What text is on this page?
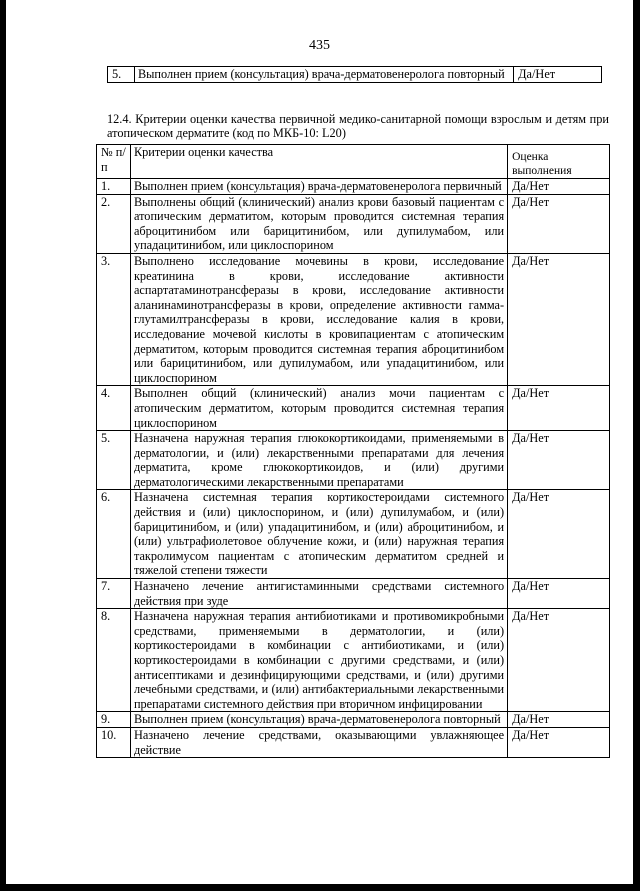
435
5.	Выполнен прием (консультация) врача-дерматовенеролога повторный	Да/Нет
12.4. Критерии оценки качества первичной медико-санитарной помощи взрослым и детям при атопическом дерматите (код по МКБ-10: L20)
№ п/п	Критерии оценки качества	Оценка выполнения
1.	Выполнен прием (консультация) врача-дерматовенеролога первичный	Да/Нет
2.	Выполнены общий (клинический) анализ крови базовый пациентам с атопическим дерматитом, которым проводится системная терапия аброцитинибом или барицитинибом, или дупилумабом, или упадацитинибом, или циклоспорином	Да/Нет
3.	Выполнено исследование мочевины в крови, исследование креатинина в крови, исследование активности аспартатаминотрансферазы в крови, исследование активности аланинаминотрансферазы в крови, определение активности гамма-глутамилтрансферазы в крови, исследование калия в крови, исследование мочевой кислоты в кровипациентам с атопическим дерматитом, которым проводится системная терапия аброцитинибом или барицитинибом, или дупилумабом, или упадацитинибом, или циклоспорином	Да/Нет
4.	Выполнен общий (клинический) анализ мочи пациентам с атопическим дерматитом, которым проводится системная терапия циклоспорином	Да/Нет
5.	Назначена наружная терапия глюкокортикоидами, применяемыми в дерматологии, и (или) лекарственными препаратами для лечения дерматита, кроме глюкокортикоидов, и (или) другими дерматологическими лекарственными препаратами	Да/Нет
6.	Назначена системная терапия кортикостероидами системного действия и (или) циклоспорином, и (или) дупилумабом, и (или) барицитинибом, и (или) упадацитинибом, и (или) аброцитинибом, и (или) ультрафиолетовое облучение кожи, и (или) наружная терапия такролимусом пациентам с атопическим дерматитом средней и тяжелой степени тяжести	Да/Нет
7.	Назначено лечение антигистаминными средствами системного действия при зуде	Да/Нет
8.	Назначена наружная терапия антибиотиками и противомикробными средствами, применяемыми в дерматологии, и (или) кортикостероидами в комбинации с антибиотиками, и (или) кортикостероидами в комбинации с другими средствами, и (или) антисептиками и дезинфицирующими средствами, и (или) другими лечебными средствами, и (или) антибактериальными лекарственными препаратами системного действия при вторичном инфицировании	Да/Нет
9.	Выполнен прием (консультация) врача-дерматовенеролога повторный	Да/Нет
10.	Назначено лечение средствами, оказывающими увлажняющее действие	Да/Нет
